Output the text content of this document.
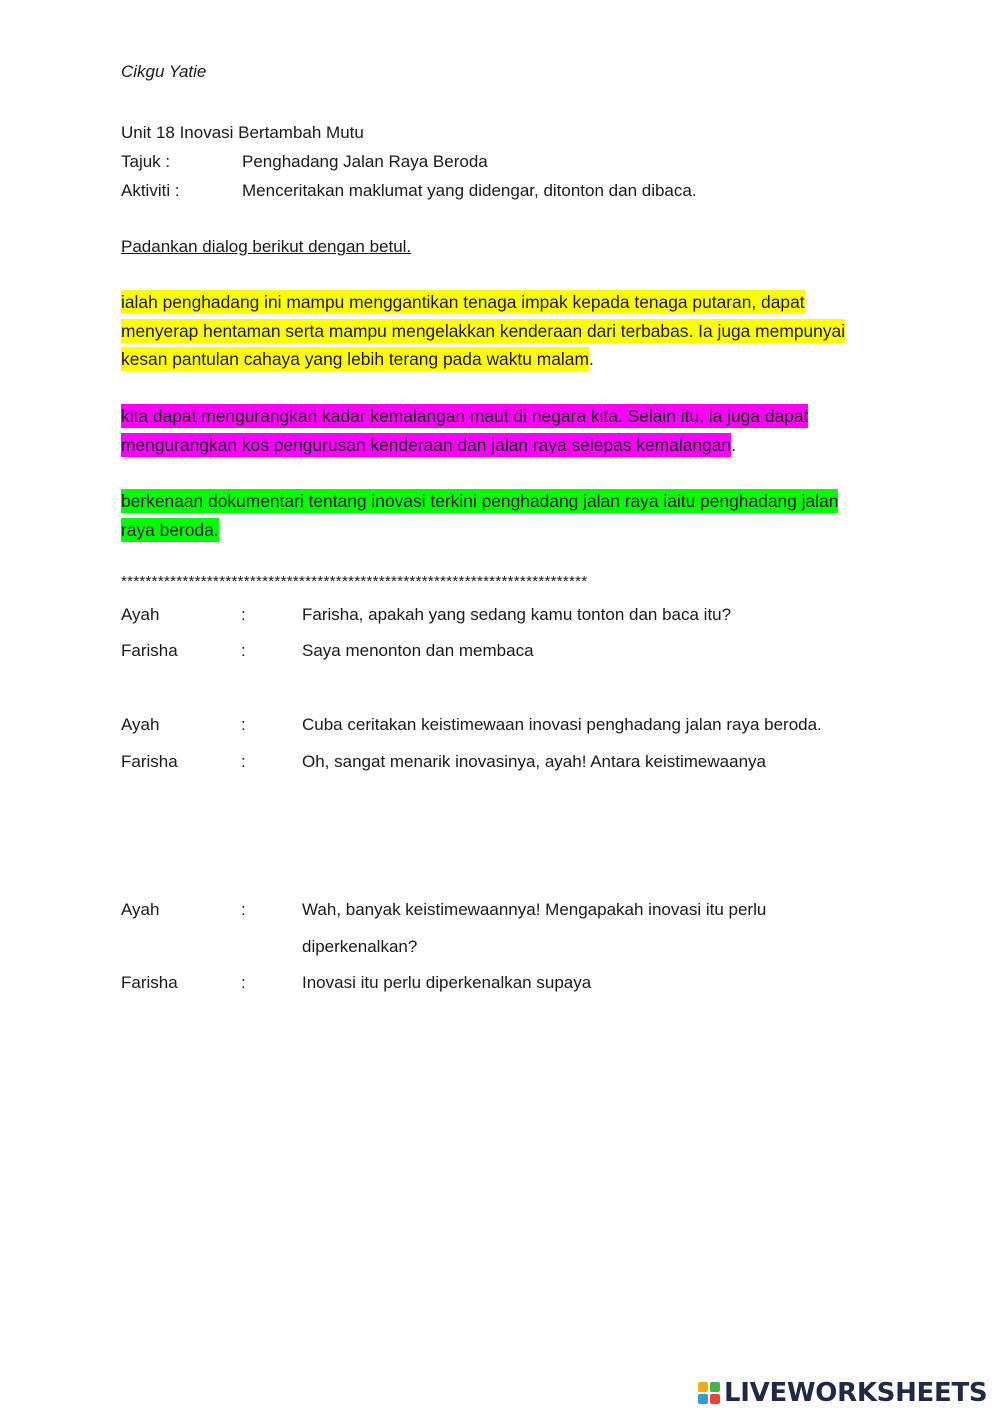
Cikgu Yatie
Unit 18 Inovasi Bertambah Mutu
Tajuk :	Penghadang Jalan Raya Beroda
Aktiviti :	Menceritakan maklumat yang didengar, ditonton dan dibaca.
Padankan dialog berikut dengan betul.
ialah penghadang ini mampu menggantikan tenaga impak kepada tenaga putaran, dapat menyerap hentaman serta mampu mengelakkan kenderaan dari terbabas. Ia juga mempunyai kesan pantulan cahaya yang lebih terang pada waktu malam.
kita dapat mengurangkan kadar kemalangan maut di negara kita. Selain itu, ia juga dapat mengurangkan kos pengurusan kenderaan dan jalan raya selepas kemalangan.
berkenaan dokumentari tentang inovasi terkini penghadang jalan raya iaitu penghadang jalan raya beroda.
****************************************************************************
Ayah	:	Farisha, apakah yang sedang kamu tonton dan baca itu?
Farisha	:	Saya menonton dan membaca
Ayah	:	Cuba ceritakan keistimewaan inovasi penghadang jalan raya beroda.
Farisha	:	Oh, sangat menarik inovasinya, ayah! Antara keistimewaanya
Ayah	:	Wah, banyak keistimewaannya! Mengapakah inovasi itu perlu
diperkenalkan?
Farisha	:	Inovasi itu perlu diperkenalkan supaya
LIVEWORKSHEETS
